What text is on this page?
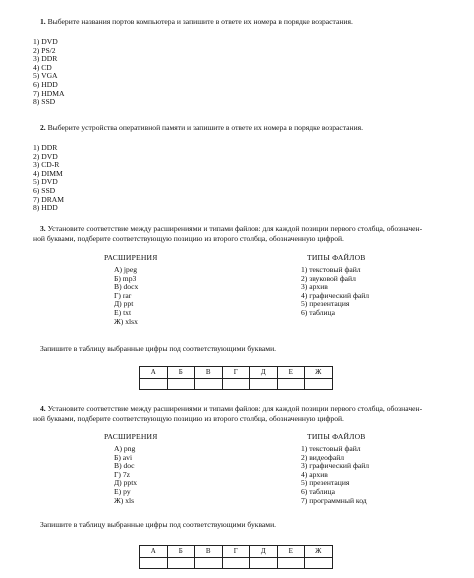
1. Выберите названия портов компьютера и запишите в ответе их номера в порядке возрастания.
1) DVD
2) PS/2
3) DDR
4) CD
5) VGA
6) HDD
7) HDMA
8) SSD
2. Выберите устройства оперативной памяти и запишите в ответе их номера в порядке возрастания.
1) DDR
2) DVD
3) CD-R
4) DIMM
5) DVD
6) SSD
7) DRAM
8) HDD
3. Установите соответствие между расширениями и типами файлов: для каждой позиции первого столбца, обозначен-
ной буквами, подберите соответствующую позицию из второго столбца, обозначенную цифрой.
РАСШИРЕНИЯ	ТИПЫ ФАЙЛОВ
А) jpeg
Б) mp3
В) docx
Г) rar
Д) ppt
Е) txt
Ж) xlsx
1) текстовый файл
2) звуковой файл
3) архив
4) графический файл
5) презентация
6) таблица
Запишите в таблицу выбранные цифры под соответствующими буквами.
А	Б	В	Г	Д	Е	Ж

4. Установите соответствие между расширениями и типами файлов: для каждой позиции первого столбца, обозначен-
ной буквами, подберите соответствующую позицию из второго столбца, обозначенную цифрой.
РАСШИРЕНИЯ	ТИПЫ ФАЙЛОВ
А) png
Б) avi
В) doc
Г) 7z
Д) pptx
Е) py
Ж) xls
1) текстовый файл
2) видеофайл
3) графический файл
4) архив
5) презентация
6) таблица
7) программный код
Запишите в таблицу выбранные цифры под соответствующими буквами.
А	Б	В	Г	Д	Е	Ж
